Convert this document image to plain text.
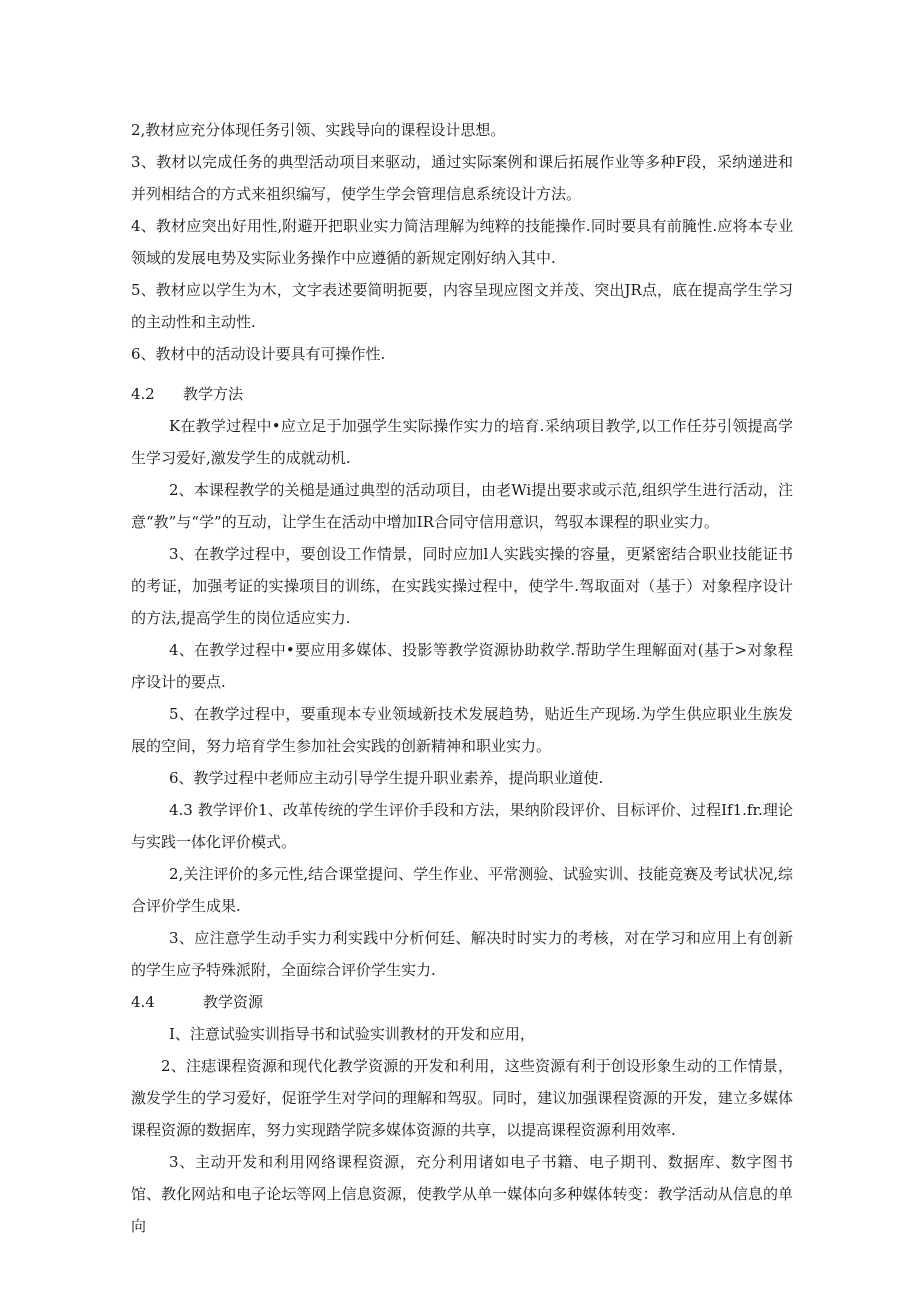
2,教材应充分体现任务引领、实践导向的课程设计思想。

3、教材以完成任务的典型活动项目来驱动，通过实际案例和课后拓展作业等多种F段，采纳递进和并列相结合的方式来祖织编写，使学生学会管理信息系统设计方法。

4、教材应突出好用性,附避开把职业实力简洁理解为纯粹的技能操作.同时要具有前腌性.应将本专业领域的发展电势及实际业务操作中应遵循的新规定刚好纳入其中.

5、教材应以学生为木，文字表述要简明扼要，内容呈现应图文并茂、突出JR点，底在提高学生学习的主动性和主动性.

6、教材中的活动设计要具有可操作性.

4.2 教学方法

K在教学过程中•应立足于加强学生实际操作实力的培育.采纳项目教学,以工作任芬引领提高学生学习爱好,激发学生的成就动机.

2、本课程教学的关槌是通过典型的活动项目，由老Wi提出要求或示范,组织学生进行活动，注意“教”与“学”的互动，让学生在活动中增加IR合同守信用意识，驾驭本课程的职业实力。

3、在教学过程中，要创设工作情景，同时应加l人实践实操的容量，更紧密结合职业技能证书的考证，加强考证的实操项目的训练，在实践实操过程中，使学牛.驾取面对（基于）对象程序设计的方法,提高学生的岗位适应实力.

4、在教学过程中•要应用多媒体、投影等教学资源协助救学.帮助学生理解面对(基于>对象程序设计的要点.

5、在教学过程中，要重现本专业领域新技术发展趋势，贴近生产现场.为学生供应职业生族发展的空间，努力培育学生参加社会实践的创新精神和职业实力。

6、教学过程中老师应主动引导学生提升职业素养，提尚职业道使.

4.3 教学评价1、改革传统的学生评价手段和方法，果纳阶段评价、目标评价、过程If1.fr.理论与实践一体化评价模式。

2,关注评价的多元性,结合课堂提问、学生作业、平常测验、试验实训、技能竞赛及考试状况,综合评价学生成果.

3、应注意学生动手实力利实践中分析何廷、解决时时实力的考核，对在学习和应用上有创新的学生应予特殊派附，全面综合评价学生实力.

4.4	教学资源

I、注意试验实训指导书和试验实训教材的开发和应用，

2、注痣课程资源和现代化教学资源的开发和利用，这些资源有利于创设形象生动的工作情景，激发学生的学习爱好，促诳学生对学问的理解和驾驭。同时，建议加强课程资源的开发，建立多媒体课程资源的数据库，努力实现踏学院多媒体资源的共享，以提高课程资源利用效率.

3、主动开发和利用网络课程资源，充分利用诸如电子书籍、电子期刊、数据库、数字图书馆、教化网站和电子论坛等网上信息资源，使教学从单一媒体向多种媒体转变：教学活动从信息的单向
